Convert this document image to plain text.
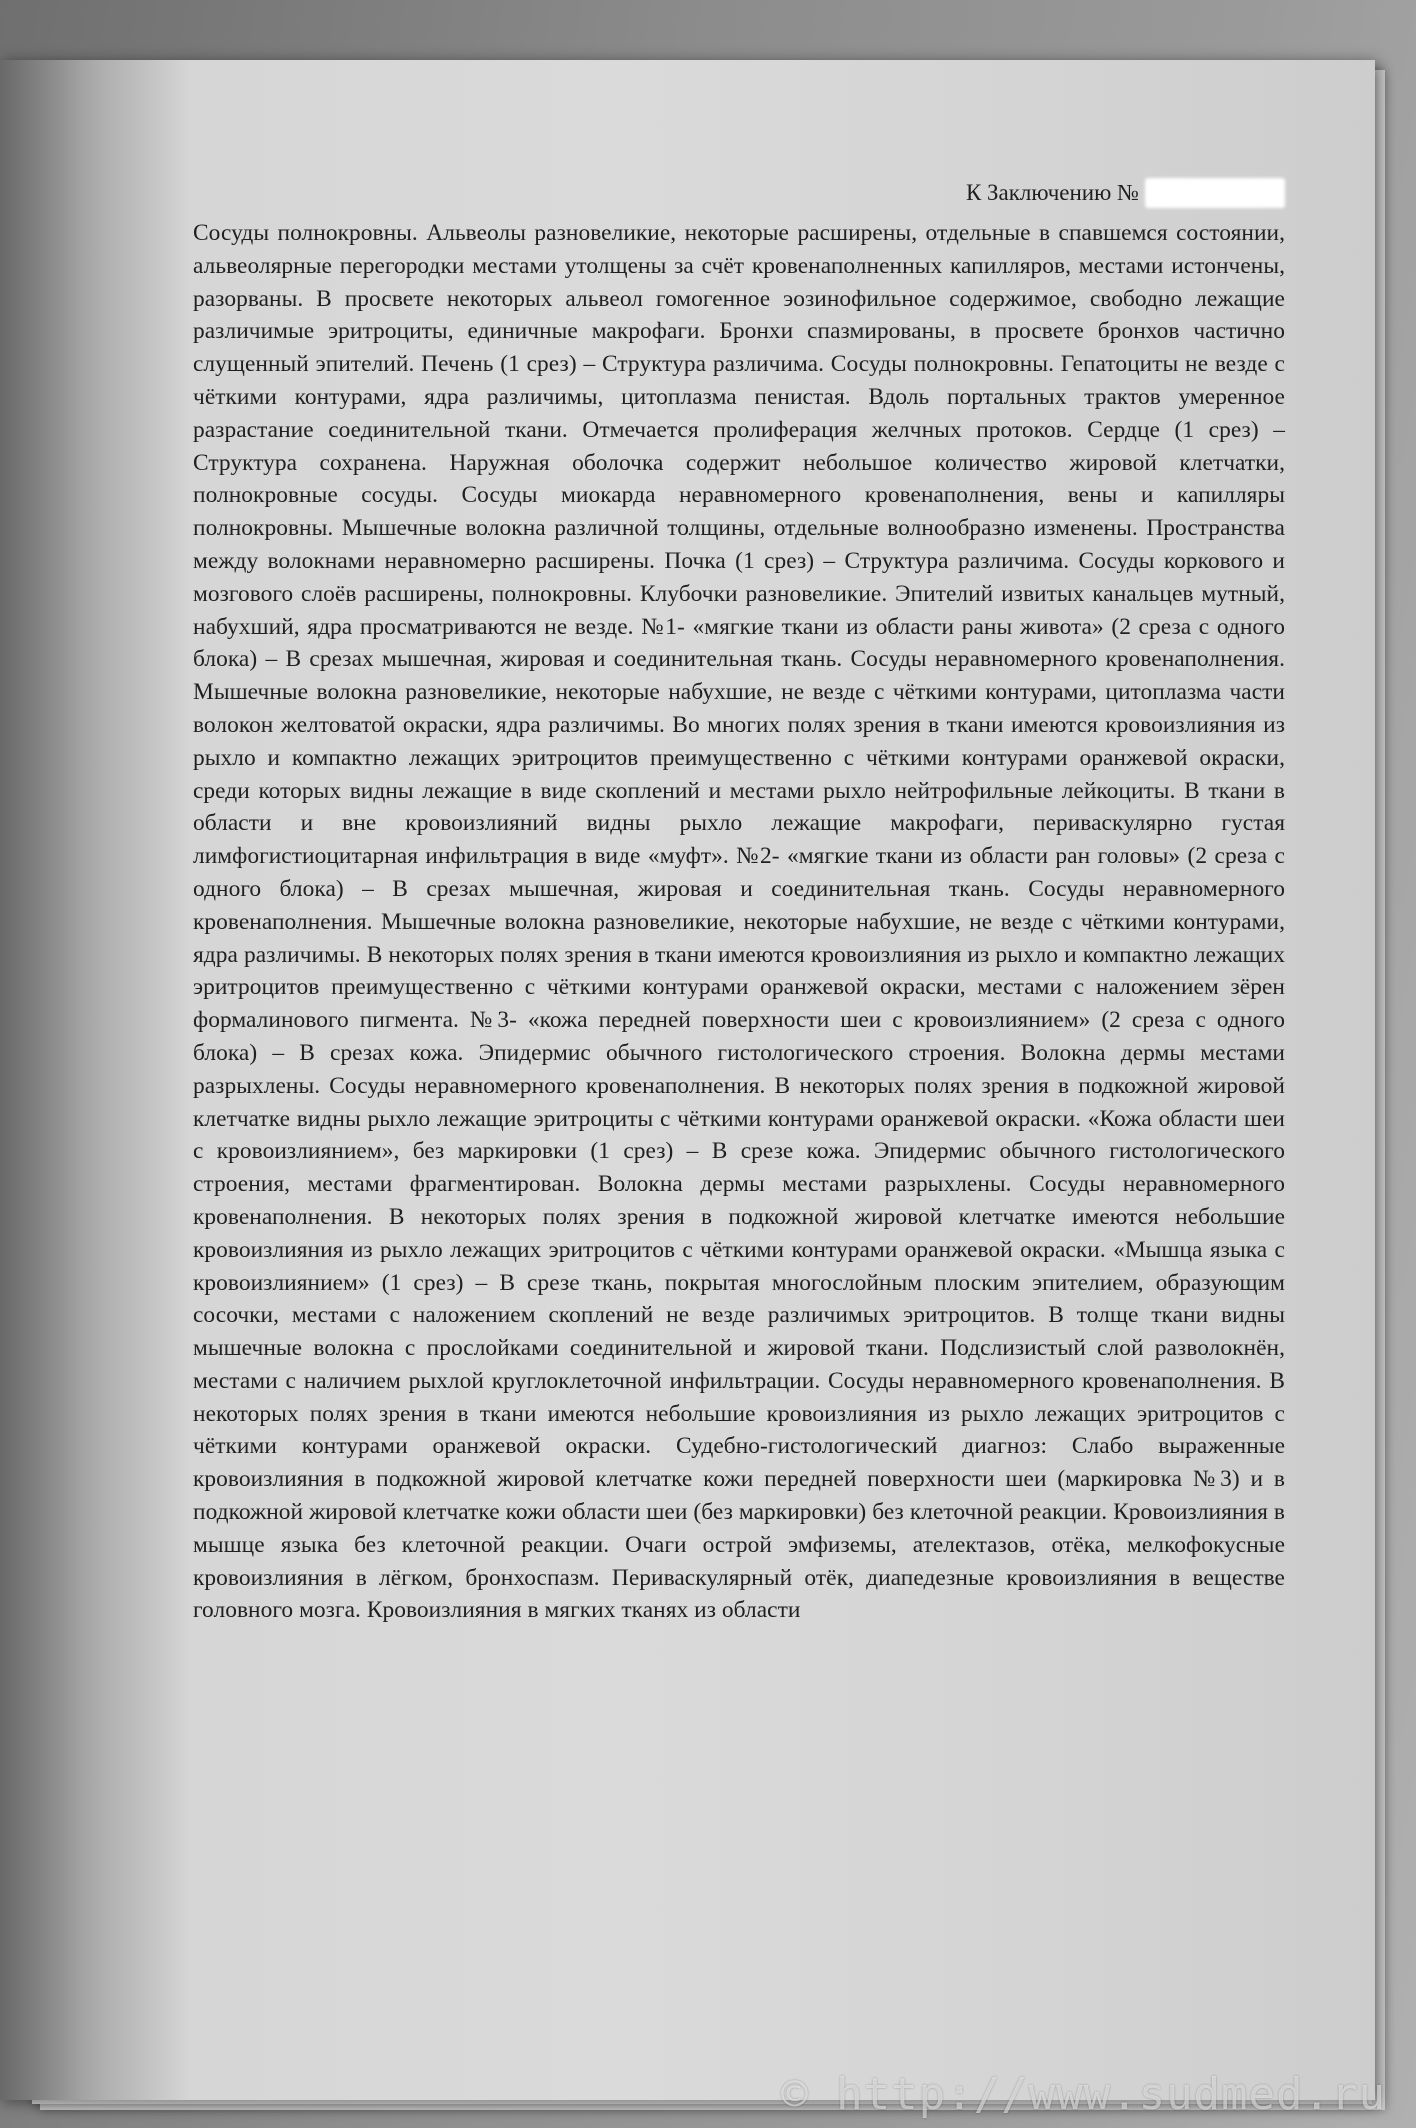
К Заключению №
Сосуды полнокровны. Альвеолы разновеликие, некоторые расширены, отдельные в спавшемся состоянии, альвеолярные перегородки местами утолщены за счёт кровенаполненных капилляров, местами истончены, разорваны. В просвете некоторых альвеол гомогенное эозинофильное содержимое, свободно лежащие различимые эритроциты, единичные макрофаги. Бронхи спазмированы, в просвете бронхов частично слущенный эпителий. Печень (1 срез) – Структура различима. Сосуды полнокровны. Гепатоциты не везде с чёткими контурами, ядра различимы, цитоплазма пенистая. Вдоль портальных трактов умеренное разрастание соединительной ткани. Отмечается пролиферация желчных протоков. Сердце (1 срез) – Структура сохранена. Наружная оболочка содержит небольшое количество жировой клетчатки, полнокровные сосуды. Сосуды миокарда неравномерного кровенаполнения, вены и капилляры полнокровны. Мышечные волокна различной толщины, отдельные волнообразно изменены. Пространства между волокнами неравномерно расширены. Почка (1 срез) – Структура различима. Сосуды коркового и мозгового слоёв расширены, полнокровны. Клубочки разновеликие. Эпителий извитых канальцев мутный, набухший, ядра просматриваются не везде. №1- «мягкие ткани из области раны живота» (2 среза с одного блока) – В срезах мышечная, жировая и соединительная ткань. Сосуды неравномерного кровенаполнения. Мышечные волокна разновеликие, некоторые набухшие, не везде с чёткими контурами, цитоплазма части волокон желтоватой окраски, ядра различимы. Во многих полях зрения в ткани имеются кровоизлияния из рыхло и компактно лежащих эритроцитов преимущественно с чёткими контурами оранжевой окраски, среди которых видны лежащие в виде скоплений и местами рыхло нейтрофильные лейкоциты. В ткани в области и вне кровоизлияний видны рыхло лежащие макрофаги, периваскулярно густая лимфогистиоцитарная инфильтрация в виде «муфт». №2- «мягкие ткани из области ран головы» (2 среза с одного блока) – В срезах мышечная, жировая и соединительная ткань. Сосуды неравномерного кровенаполнения. Мышечные волокна разновеликие, некоторые набухшие, не везде с чёткими контурами, ядра различимы. В некоторых полях зрения в ткани имеются кровоизлияния из рыхло и компактно лежащих эритроцитов преимущественно с чёткими контурами оранжевой окраски, местами с наложением зёрен формалинового пигмента. №3- «кожа передней поверхности шеи с кровоизлиянием» (2 среза с одного блока) – В срезах кожа. Эпидермис обычного гистологического строения. Волокна дермы местами разрыхлены. Сосуды неравномерного кровенаполнения. В некоторых полях зрения в подкожной жировой клетчатке видны рыхло лежащие эритроциты с чёткими контурами оранжевой окраски. «Кожа области шеи с кровоизлиянием», без маркировки (1 срез) – В срезе кожа. Эпидермис обычного гистологического строения, местами фрагментирован. Волокна дермы местами разрыхлены. Сосуды неравномерного кровенаполнения. В некоторых полях зрения в подкожной жировой клетчатке имеются небольшие кровоизлияния из рыхло лежащих эритроцитов с чёткими контурами оранжевой окраски. «Мышца языка с кровоизлиянием» (1 срез) – В срезе ткань, покрытая многослойным плоским эпителием, образующим сосочки, местами с наложением скоплений не везде различимых эритроцитов. В толще ткани видны мышечные волокна с прослойками соединительной и жировой ткани. Подслизистый слой разволокнён, местами с наличием рыхлой круглоклеточной инфильтрации. Сосуды неравномерного кровенаполнения. В некоторых полях зрения в ткани имеются небольшие кровоизлияния из рыхло лежащих эритроцитов с чёткими контурами оранжевой окраски. Судебно-гистологический диагноз: Слабо выраженные кровоизлияния в подкожной жировой клетчатке кожи передней поверхности шеи (маркировка №3) и в подкожной жировой клетчатке кожи области шеи (без маркировки) без клеточной реакции. Кровоизлияния в мышце языка без клеточной реакции. Очаги острой эмфиземы, ателектазов, отёка, мелкофокусные кровоизлияния в лёгком, бронхоспазм. Периваскулярный отёк, диапедезные кровоизлияния в веществе головного мозга. Кровоизлияния в мягких тканях из области
© http://www.sudmed.ru
